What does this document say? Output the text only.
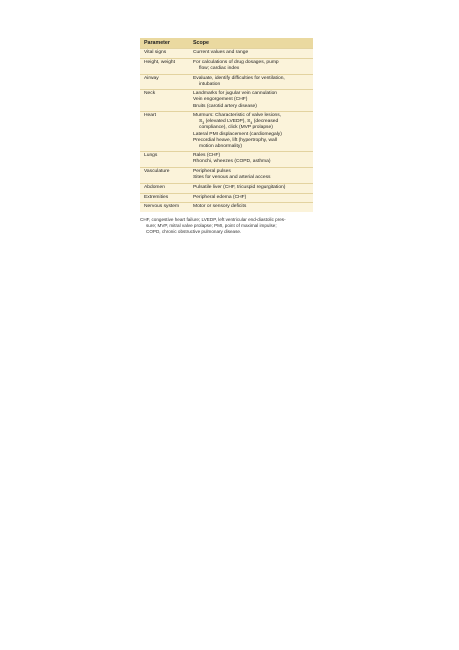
Parameter	Scope
Vital signs	Current values and range
Height, weight	For calculations of drug dosages, pump
flow; cardiac index
Airway	Evaluate, identify difficulties for ventilation,
intubation
Neck	Landmarks for jugular vein cannulation
Vein engorgement (CHF)
Bruits (carotid artery disease)
Heart	Murmurs: Characteristic of valve lesions,
$S_3$ (elevated LVEDP), $S_4$ (decreased
compliance), click (MVP prolapse)
Lateral PMI displacement (cardiomegaly)
Precordial heave, lift (hypertrophy, wall
motion abnormality)
Lungs	Rales (CHF)
Rhonchi, wheezes (COPD, asthma)
Vasculature	Peripheral pulses
Sites for venous and arterial access
Abdomen	Pulsatile liver (CHF, tricuspid regurgitation)
Extremities	Peripheral edema (CHF)
Nervous system	Motor or sensory deficits
CHF, congestive heart failure; LVEDP, left ventricular end-diastolic pres-
sure; MVP, mitral valve prolapse; PMI, point of maximal impulse;
COPD, chronic obstructive pulmonary disease.
